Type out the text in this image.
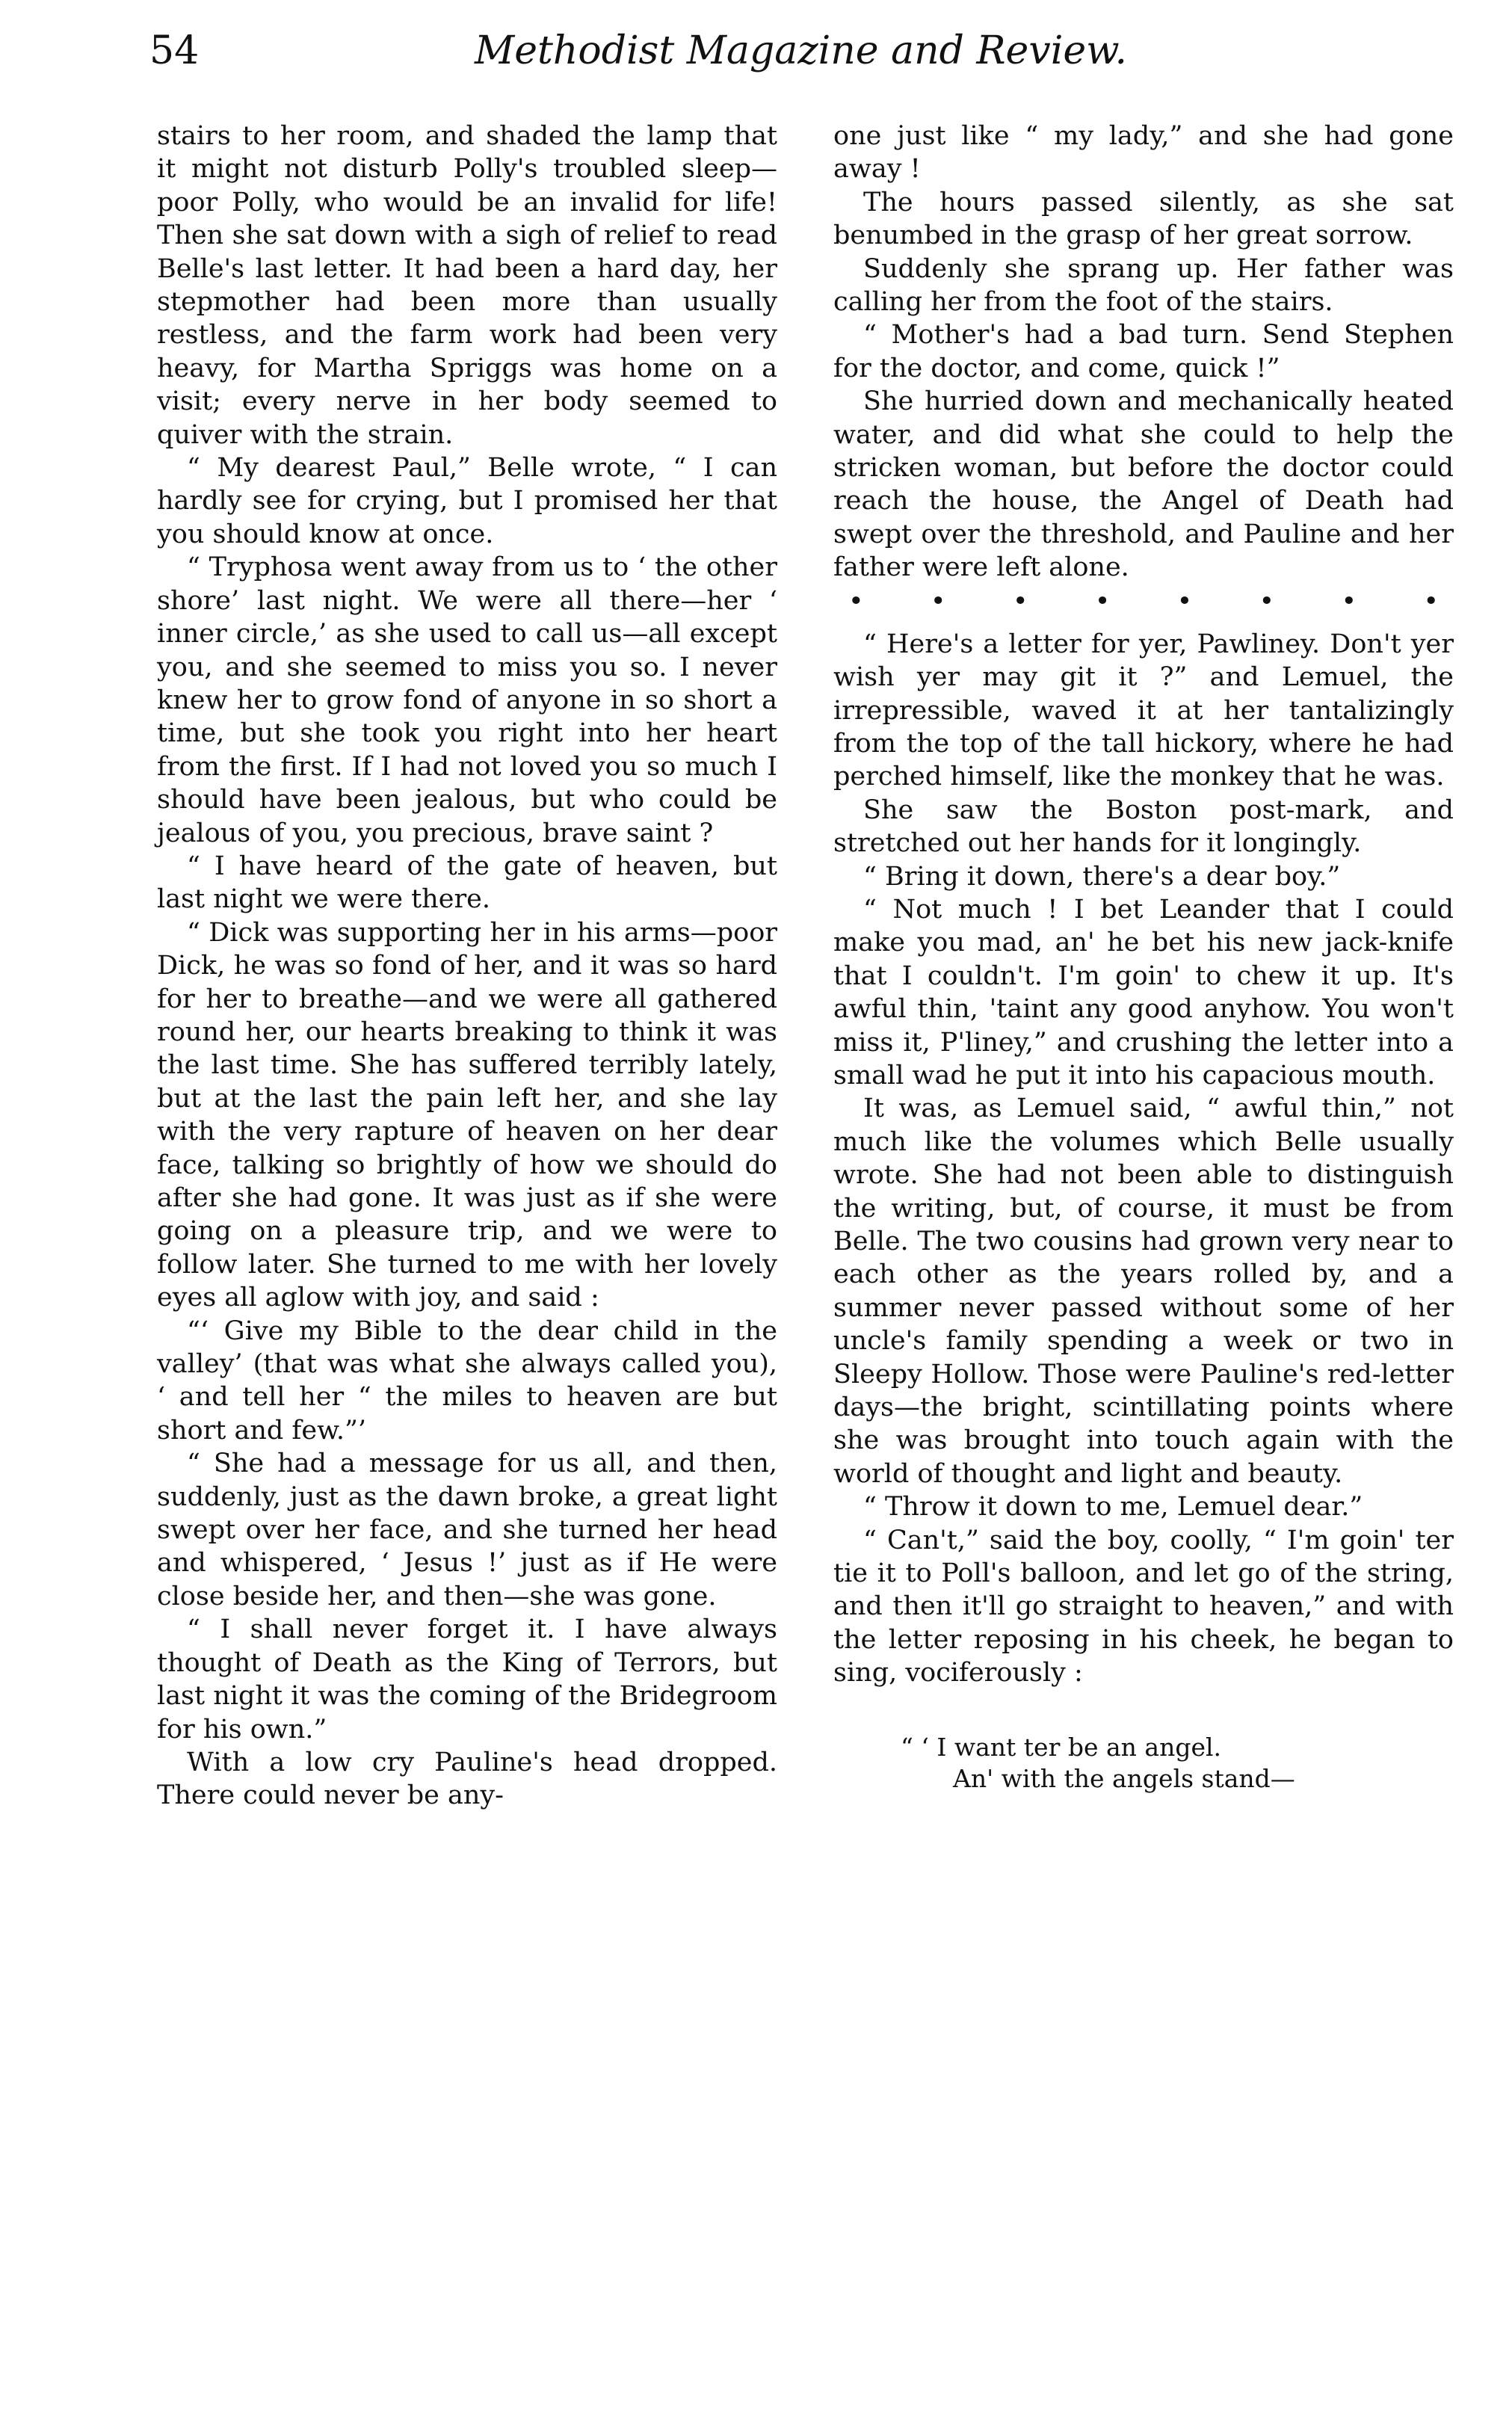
54	Methodist Magazine and Review.

stairs to her room, and shaded the lamp that it might not disturb Polly's troubled sleep—poor Polly, who would be an invalid for life! Then she sat down with a sigh of relief to read Belle's last letter. It had been a hard day, her stepmother had been more than usually restless, and the farm work had been very heavy, for Martha Spriggs was home on a visit; every nerve in her body seemed to quiver with the strain.

“ My dearest Paul,” Belle wrote, “ I can hardly see for crying, but I promised her that you should know at once.

“ Tryphosa went away from us to ‘ the other shore’ last night. We were all there—her ‘ inner circle,’ as she used to call us—all except you, and she seemed to miss you so. I never knew her to grow fond of anyone in so short a time, but she took you right into her heart from the first. If I had not loved you so much I should have been jealous, but who could be jealous of you, you precious, brave saint ?

“ I have heard of the gate of heaven, but last night we were there.

“ Dick was supporting her in his arms—poor Dick, he was so fond of her, and it was so hard for her to breathe—and we were all gathered round her, our hearts breaking to think it was the last time. She has suffered terribly lately, but at the last the pain left her, and she lay with the very rapture of heaven on her dear face, talking so brightly of how we should do after she had gone. It was just as if she were going on a pleasure trip, and we were to follow later. She turned to me with her lovely eyes all aglow with joy, and said :

“‘ Give my Bible to the dear child in the valley’ (that was what she always called you), ‘ and tell her “ the miles to heaven are but short and few.”’

“ She had a message for us all, and then, suddenly, just as the dawn broke, a great light swept over her face, and she turned her head and whispered, ‘ Jesus !’ just as if He were close beside her, and then—she was gone.

“ I shall never forget it. I have always thought of Death as the King of Terrors, but last night it was the coming of the Bridegroom for his own.”

With a low cry Pauline's head dropped. There could never be any-

one just like “ my lady,” and she had gone away !

The hours passed silently, as she sat benumbed in the grasp of her great sorrow.

Suddenly she sprang up. Her father was calling her from the foot of the stairs.

“ Mother's had a bad turn. Send Stephen for the doctor, and come, quick !”

She hurried down and mechanically heated water, and did what she could to help the stricken woman, but before the doctor could reach the house, the Angel of Death had swept over the threshold, and Pauline and her father were left alone.

•	•	•	•	•	•	•	•

“ Here's a letter for yer, Pawliney. Don't yer wish yer may git it ?” and Lemuel, the irrepressible, waved it at her tantalizingly from the top of the tall hickory, where he had perched himself, like the monkey that he was.

She saw the Boston post-mark, and stretched out her hands for it longingly.

“ Bring it down, there's a dear boy.”

“ Not much ! I bet Leander that I could make you mad, an' he bet his new jack-knife that I couldn't. I'm goin' to chew it up. It's awful thin, 'taint any good anyhow. You won't miss it, P'liney,” and crushing the letter into a small wad he put it into his capacious mouth.

It was, as Lemuel said, “ awful thin,” not much like the volumes which Belle usually wrote. She had not been able to distinguish the writing, but, of course, it must be from Belle. The two cousins had grown very near to each other as the years rolled by, and a summer never passed without some of her uncle's family spending a week or two in Sleepy Hollow. Those were Pauline's red-letter days—the bright, scintillating points where she was brought into touch again with the world of thought and light and beauty.

“ Throw it down to me, Lemuel dear.”

“ Can't,” said the boy, coolly, “ I'm goin' ter tie it to Poll's balloon, and let go of the string, and then it'll go straight to heaven,” and with the letter reposing in his cheek, he began to sing, vociferously :

“ ‘ I want ter be an angel.
An' with the angels stand—
